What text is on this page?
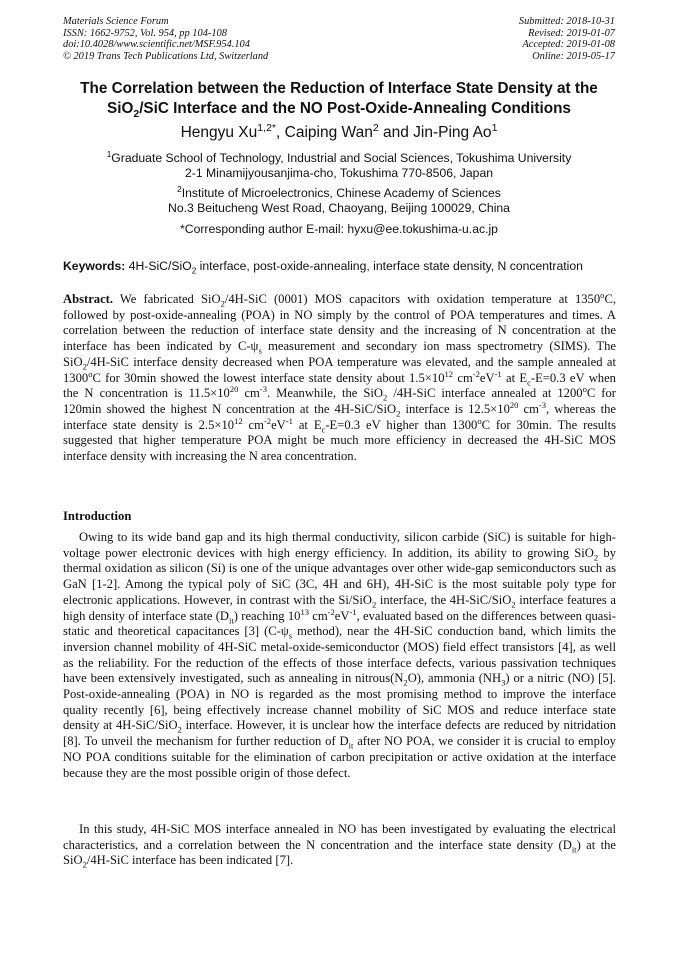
Materials Science Forum
ISSN: 1662-9752, Vol. 954, pp 104-108
doi:10.4028/www.scientific.net/MSF.954.104
© 2019 Trans Tech Publications Ltd, Switzerland
Submitted: 2018-10-31
Revised: 2019-01-07
Accepted: 2019-01-08
Online: 2019-05-17
The Correlation between the Reduction of Interface State Density at the
SiO$_2$/SiC Interface and the NO Post-Oxide-Annealing Conditions
Hengyu $Xu^{1,2*}$, Caiping Wan$^2$ and Jin-Ping Ao$^1$
$^1$Graduate School of Technology, Industrial and Social Sciences, Tokushima University
2-1 Minamijyousanjima-cho, Tokushima 770-8506, Japan
$^2$Institute of Microelectronics, Chinese Academy of Sciences
No.3 Beitucheng West Road, Chaoyang, Beijing 100029, China
*Corresponding author E-mail: hyxu@ee.tokushima-u.ac.jp
Keywords: 4H-SiC/SiO$_2$ interface, post-oxide-annealing, interface state density, N concentration
Abstract. We fabricated SiO$_2$/4H-SiC (0001) MOS capacitors with oxidation temperature at 1350$^o$C, followed by post-oxide-annealing (POA) in NO simply by the control of POA temperatures and times. A correlation between the reduction of interface state density and the increasing of N concentration at the interface has been indicated by $C-\psi_s$ measurement and secondary ion mass spectrometry (SIMS). The SiO$_2$/4H-SiC interface density decreased when POA temperature was elevated, and the sample annealed at 1300$^o$C for 30min showed the lowest interface state density about $1.5\times 10^{12}$ $cm^{-2}eV^{-1}$ at $E_c-E=0.3$ eV when the N concentration is $11.5\times 10^{20}$ $cm^{-3}$. Meanwhile, the SiO$_2$ /4H-SiC interface annealed at 1200$^o$C for 120min showed the highest N concentration at the 4H-SiC/SiO$_2$ interface is $12.5\times 10^{20}$ $cm^{-3}$, whereas the interface state density is $2.5\times 10^{12}$ $cm^{-2}eV^{-1}$ at $E_c-E=0.3$ eV higher than 1300$^o$C for 30min. The results suggested that higher temperature POA might be much more efficiency in decreased the 4H-SiC MOS interface density with increasing the N area concentration.
Introduction
Owing to its wide band gap and its high thermal conductivity, silicon carbide (SiC) is suitable for high-voltage power electronic devices with high energy efficiency. In addition, its ability to growing SiO$_2$ by thermal oxidation as silicon (Si) is one of the unique advantages over other wide-gap semiconductors such as GaN [1-2]. Among the typical poly of SiC (3C, 4H and 6H), 4H-SiC is the most suitable poly type for electronic applications. However, in contrast with the Si/SiO$_2$ interface, the 4H-SiC/SiO$_2$ interface features a high density of interface state $(D_{it})$ reaching $10^{13}$ $cm^{-2}eV^{-1}$, evaluated based on the differences between quasi-static and theoretical capacitances [3] ($C-\psi_s$ method), near the 4H-SiC conduction band, which limits the inversion channel mobility of 4H-SiC metal-oxide-semiconductor (MOS) field effect transistors [4], as well as the reliability. For the reduction of the effects of those interface defects, various passivation techniques have been extensively investigated, such as annealing in $nitrous(N_2O)$, ammonia $(NH_3)$ or a nitric (NO) [5]. Post-oxide-annealing (POA) in NO is regarded as the most promising method to improve the interface quality recently [6], being effectively increase channel mobility of SiC MOS and reduce interface state density at 4H-SiC/SiO$_2$ interface. However, it is unclear how the interface defects are reduced by nitridation [8]. To unveil the mechanism for further reduction of $D_{it}$ after NO POA, we consider it is crucial to employ NO POA conditions suitable for the elimination of carbon precipitation or active oxidation at the interface because they are the most possible origin of those defect.
In this study, 4H-SiC MOS interface annealed in NO has been investigated by evaluating the electrical characteristics, and a correlation between the N concentration and the interface state density $(D_{it})$ at the SiO$_2$/4H-SiC interface has been indicated [7].
